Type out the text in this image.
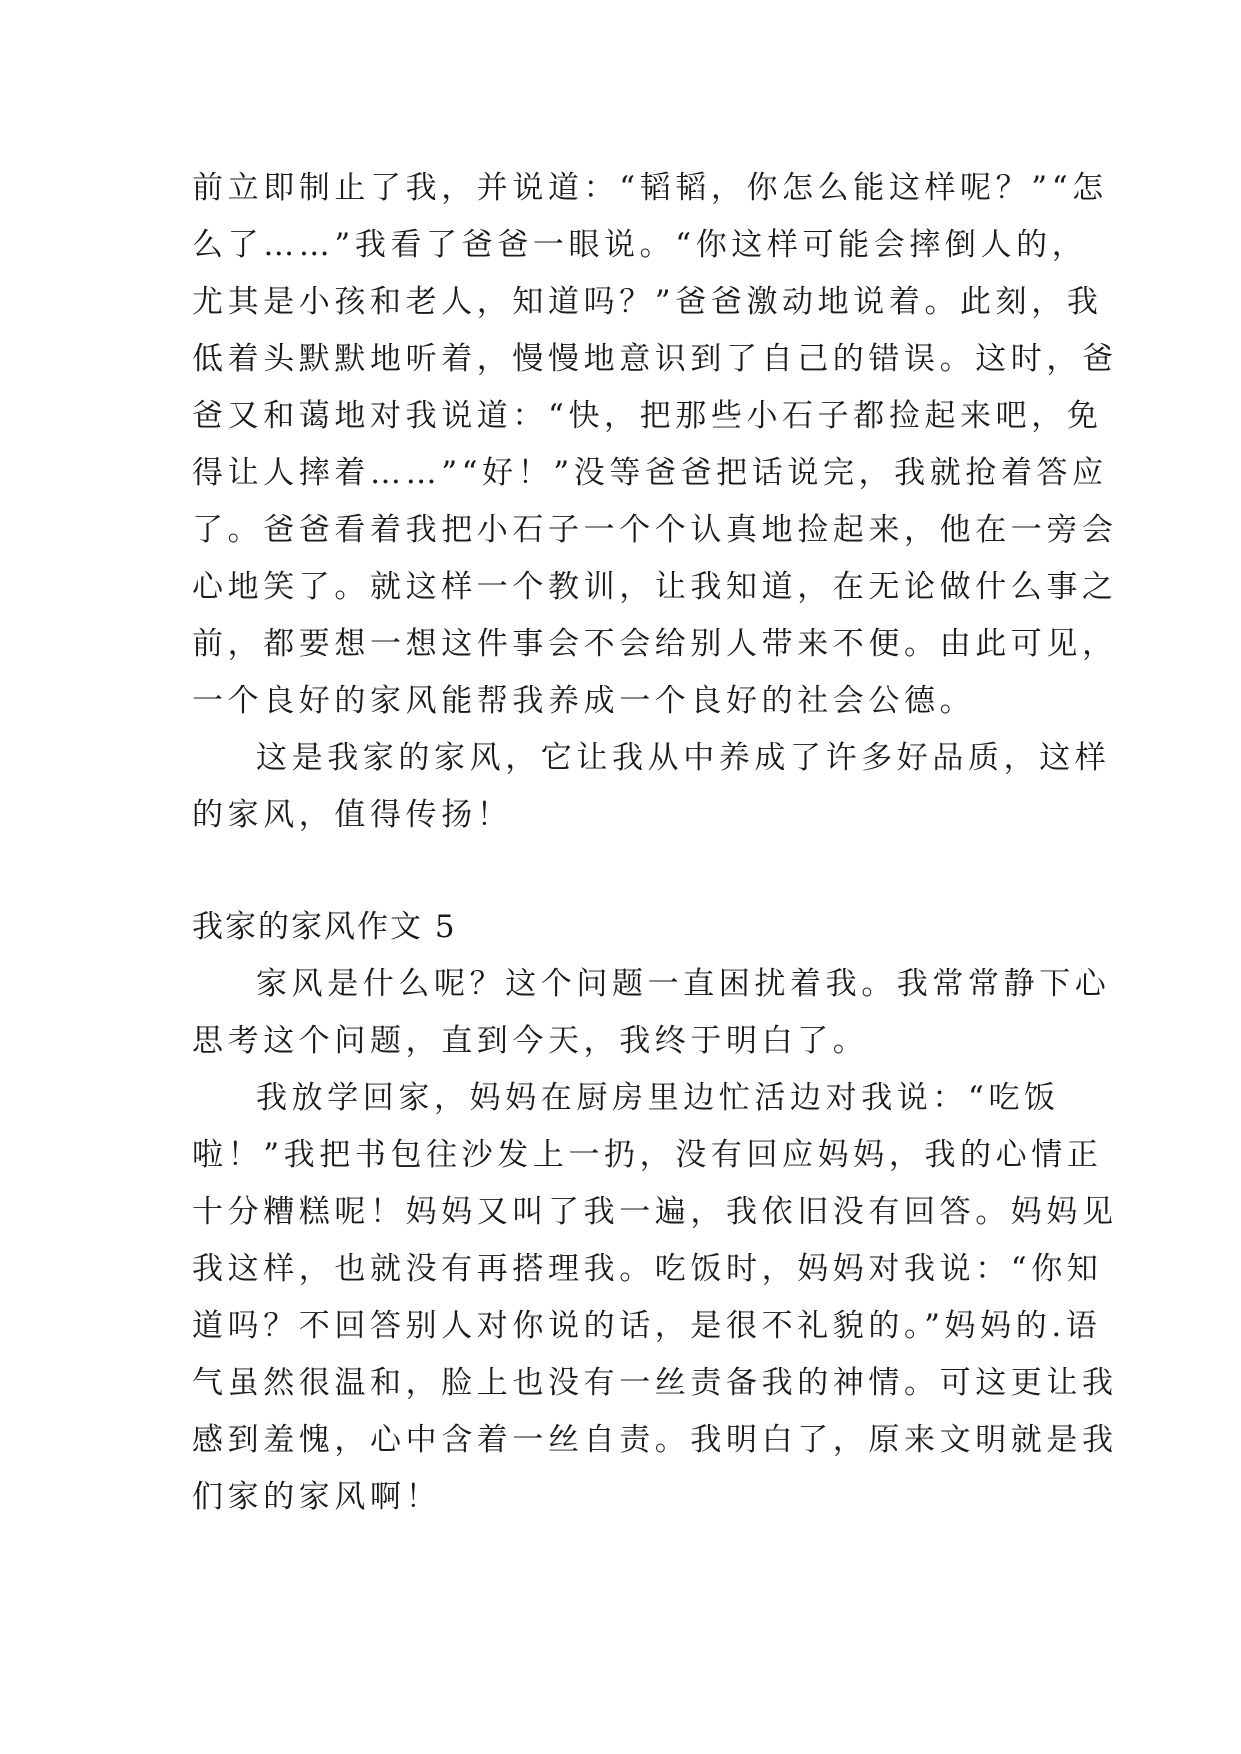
前立即制止了我，并说道：“韬韬，你怎么能这样呢？”“怎
么了……”我看了爸爸一眼说。“你这样可能会摔倒人的，
尤其是小孩和老人，知道吗？”爸爸激动地说着。此刻，我
低着头默默地听着，慢慢地意识到了自己的错误。这时，爸
爸又和蔼地对我说道：“快，把那些小石子都捡起来吧，免
得让人摔着……”“好！”没等爸爸把话说完，我就抢着答应
了。爸爸看着我把小石子一个个认真地捡起来，他在一旁会
心地笑了。就这样一个教训，让我知道，在无论做什么事之
前，都要想一想这件事会不会给别人带来不便。由此可见，
一个良好的家风能帮我养成一个良好的社会公德。
这是我家的家风，它让我从中养成了许多好品质，这样
的家风，值得传扬！
我家的家风作文 5
家风是什么呢？这个问题一直困扰着我。我常常静下心
思考这个问题，直到今天，我终于明白了。
我放学回家，妈妈在厨房里边忙活边对我说：“吃饭
啦！”我把书包往沙发上一扔，没有回应妈妈，我的心情正
十分糟糕呢！妈妈又叫了我一遍，我依旧没有回答。妈妈见
我这样，也就没有再搭理我。吃饭时，妈妈对我说：“你知
道吗？不回答别人对你说的话，是很不礼貌的。”妈妈的.语
气虽然很温和，脸上也没有一丝责备我的神情。可这更让我
感到羞愧，心中含着一丝自责。我明白了，原来文明就是我
们家的家风啊！
